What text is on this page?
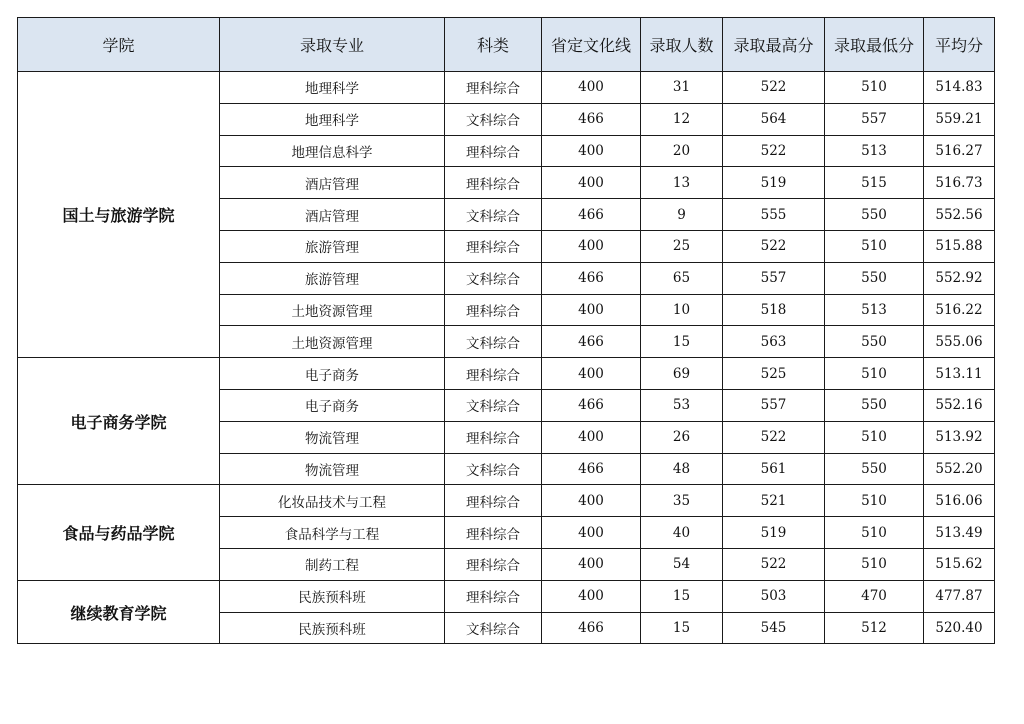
学院	录取专业	科类	省定文化线	录取人数	录取最高分	录取最低分	平均分
国土与旅游学院	地理科学	理科综合	400	31	522	510	514.83
	地理科学	文科综合	466	12	564	557	559.21
	地理信息科学	理科综合	400	20	522	513	516.27
	酒店管理	理科综合	400	13	519	515	516.73
	酒店管理	文科综合	466	9	555	550	552.56
	旅游管理	理科综合	400	25	522	510	515.88
	旅游管理	文科综合	466	65	557	550	552.92
	土地资源管理	理科综合	400	10	518	513	516.22
	土地资源管理	文科综合	466	15	563	550	555.06
电子商务学院	电子商务	理科综合	400	69	525	510	513.11
	电子商务	文科综合	466	53	557	550	552.16
	物流管理	理科综合	400	26	522	510	513.92
	物流管理	文科综合	466	48	561	550	552.20
食品与药品学院	化妆品技术与工程	理科综合	400	35	521	510	516.06
	食品科学与工程	理科综合	400	40	519	510	513.49
	制药工程	理科综合	400	54	522	510	515.62
继续教育学院	民族预科班	理科综合	400	15	503	470	477.87
	民族预科班	文科综合	466	15	545	512	520.40
